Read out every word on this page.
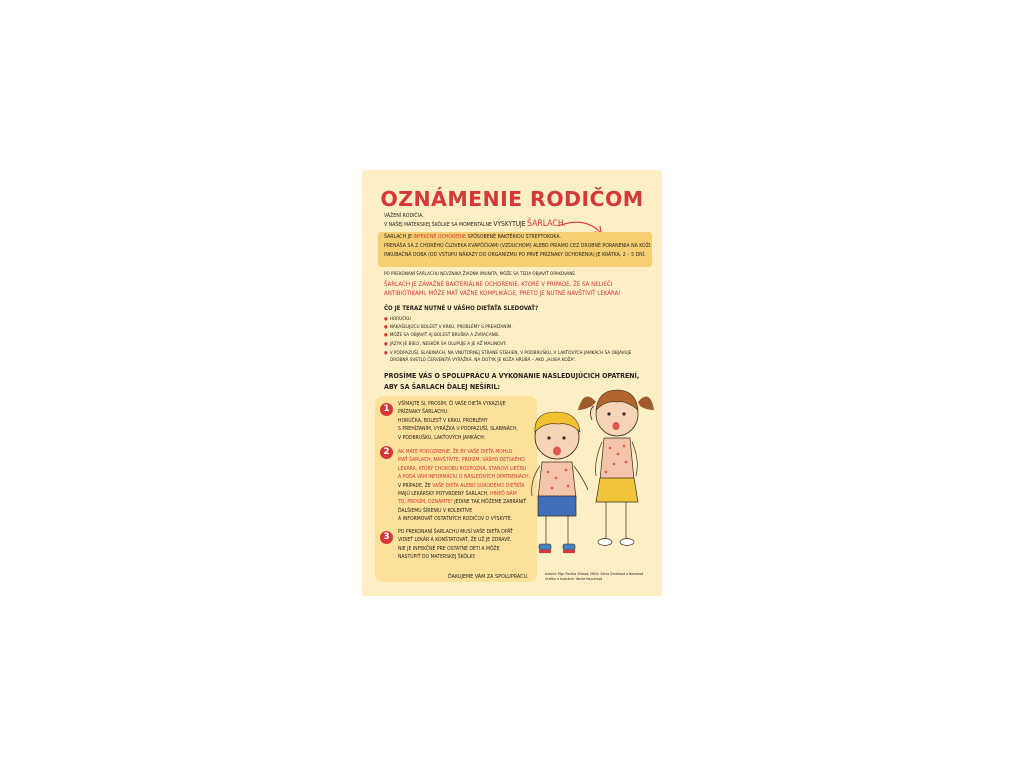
OZNÁMENIE RODIČOM
VÁŽENÍ RODIČIA,
V NAŠEJ MATERSKEJ ŠKÔLKE SA MOMENTÁLNE VYSKYTUJE ŠARLACH.
ŠARLACH JE INFEKČNÉ OCHORENIE SPÔSOBENÉ BAKTÉRIOU STREPTOKOKA.
PRENÁŠA SA Z CHORÉHO ČLOVEKA KVAPÔČKAMI (VZDUCHOM) ALEBO PRIAMO CEZ DROBNÉ PORANENIA NA KOŽI.
INKUBAČNÁ DOBA (OD VSTUPU NÁKAZY DO ORGANIZMU PO PRVÉ PRÍZNAKY OCHORENIA) JE KRÁTKA, 2 – 5 DNÍ.
PO PREKONANÍ ŠARLACHU NEVZNIKÁ ŽIADNA IMUNITA, MÔŽE SA TEDA OBJAVIŤ OPAKOVANE.
ŠARLACH JE ZÁVAŽNÉ BAKTERIÁLNE OCHORENIE, KTORÉ V PRÍPADE, ŽE SA NELIEČI
ANTIBIOTIKAMI, MÔŽE MAŤ VÁŽNE KOMPLIKÁCIE, PRETO JE NUTNÉ NAVŠTÍVIŤ LEKÁRA!
ČO JE TERAZ NUTNÉ U VÁŠHO DIEŤAŤA SLEDOVAŤ?
● HORÚČKU
● NAKAŠĽUJÚCU BOLESŤ V KRKU, PROBLÉMY S PREHĹTANÍM.
● MÔŽE SA OBJAVIŤ AJ BOLESŤ BRUŠKA A ZVRACANIE.
● JAZYK JE BIELY, NESKÔR SA OLUPUJE A JE AŽ MALINOVÝ.
● V PODPAZUŠÍ, SLABINÁCH, NA VNÚTORNEJ STRANE STEHIEN, V PODBRUŠKU, V LAKŤOVÝCH JAMKÁCH SA OBJAVUJE
DROBNÁ SVETLO ČERVENITÁ VYRÁŽKA. NA DOTYK JE KOŽA HRUBÁ – AKO „HUSIA KOŽA“.
PROSÍME VÁS O SPOLUPRÁCU A VYKONANIE NASLEDUJÚCICH OPATRENÍ,
ABY SA ŠARLACH ĎALEJ NEŠÍRIL:
1	VŠÍMAJTE SI, PROSÍM, ČI VAŠE DIEŤA VYKAZUJE
PRÍZNAKY ŠARLACHU:
HORÚČKA, BOLESŤ V KRKU, PROBLÉMY
S PREHĹTANÍM, VYRÁŽKA V PODPAZUŠÍ, SLABINÁCH,
V PODBRUŠKU, LAKŤOVÝCH JAMKÁCH.
2	AK MÁTE PODOZRENIE, ŽE BY VAŠE DIEŤA MOHLO
MAŤ ŠARLACH, NAVŠTÍVTE, PROSÍM, VÁŠHO DETSKÉHO
LEKÁRA, KTORÝ CHOROBU ROZPOZNÁ, STANOVÍ LIEČBU
A PODÁ VÁM INFORMÁCIU O NÁSLEDNÝCH OPATRENIACH.
V PRÍPADE, ŽE VAŠE DIEŤA ALEBO SÚRODENCI DIEŤAŤA
MAJÚ LEKÁRSKY POTVRDENÝ ŠARLACH, IHNEĎ NÁM
TO, PROSÍM, OZNÁMTE! JEDINE TAK MÔŽEME ZABRÁNIŤ
ĎALŠIEMU ŠÍRENIU V KOLEKTÍVE
A INFORMOVAŤ OSTATNÝCH RODIČOV O VÝSKYTE.
3	PO PREKONANÍ ŠARLACHU MUSÍ VAŠE DIEŤA OPÄŤ
VIDIEŤ LEKÁR A KONŠTATOVAŤ, ŽE UŽ JE ZDRAVÉ,
NIE JE INFEKČNÉ PRE OSTATNÉ DETI A MÔŽE
NASTÚPIŤ DO MATERSKEJ ŠKÔLKY.
ĎAKUJEME VÁM ZA SPOLUPRÁCU.	Autorki: Mgr. Pavlína Vildová, MUDr. Šárka Šimaňová a Nesetová
Grafika a ilustrácie: Vanda Hoyzerová
